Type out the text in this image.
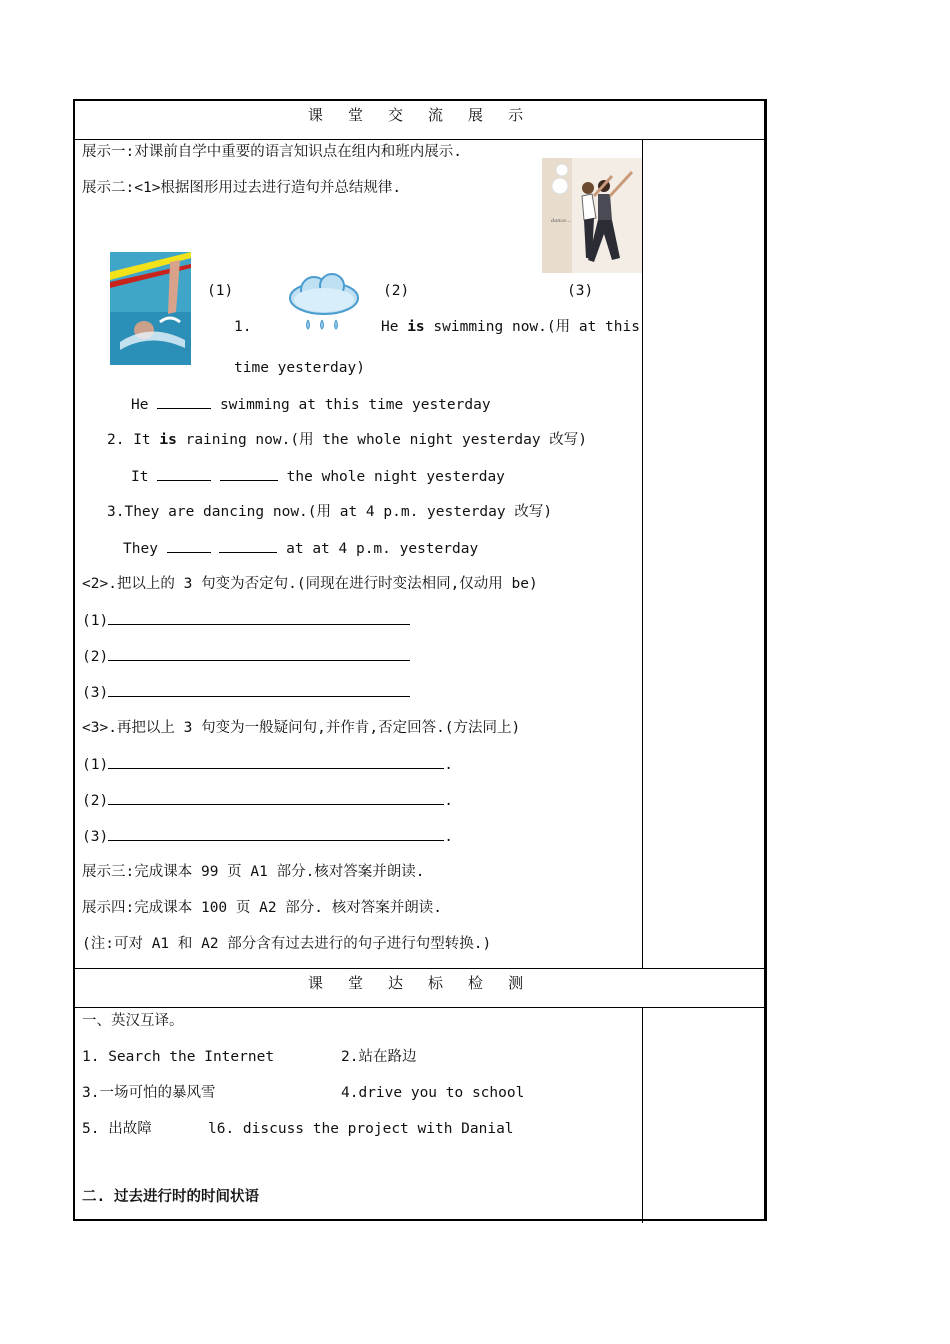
课 堂 交 流 展 示
课 堂 达 标 检 测
展示一:对课前自学中重要的语言知识点在组内和班内展示.
展示二:<1>根据图形用过去进行造句并总结规律.
dance...
(1)	(2)	(3)
1.	He is swimming now.(用 at this
time yesterday)
He	swimming at this time yesterday
2. It is raining now.(用 the whole night yesterday 改写)
It	the whole night yesterday
3.They are dancing now.(用 at 4 p.m. yesterday 改写)
They	at at 4 p.m. yesterday
<2>.把以上的 3 句变为否定句.(同现在进行时变法相同,仅动用 be)
(1)
(2)
(3)
<3>.再把以上 3 句变为一般疑问句,并作肯,否定回答.(方法同上)
(1)	.
(2)	.
(3)	.
展示三:完成课本 99 页 A1 部分.核对答案并朗读.
展示四:完成课本 100 页 A2 部分. 核对答案并朗读.
(注:可对 A1 和 A2 部分含有过去进行的句子进行句型转换.)
一、英汉互译。
1. Search the Internet	2.站在路边
3.一场可怕的暴风雪	4.drive you to school
5. 出故障	l6. discuss the project with Danial
二. 过去进行时的时间状语
